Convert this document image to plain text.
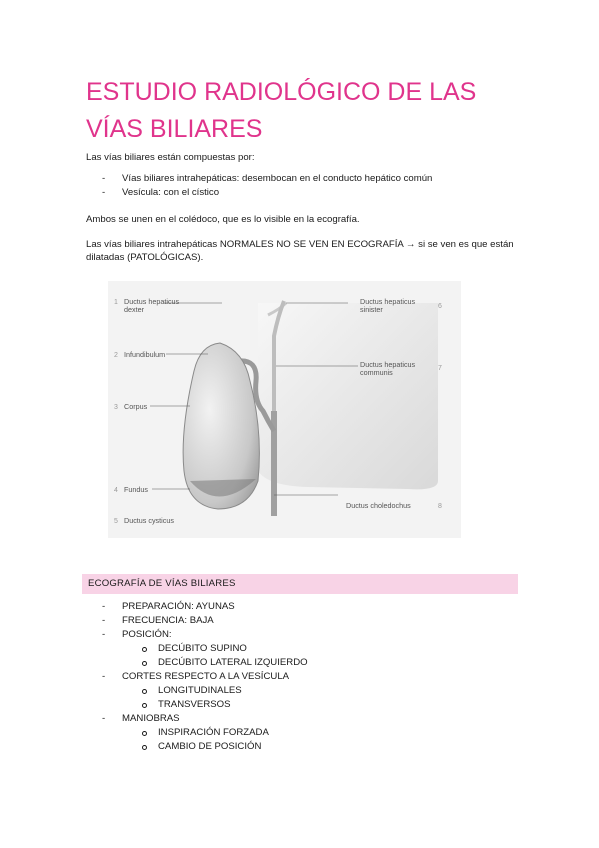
ESTUDIO RADIOLÓGICO DE LAS VÍAS BILIARES

Las vías biliares están compuestas por:

- Vías biliares intrahepáticas: desembocan en el conducto hepático común
- Vesícula: con el cístico

Ambos se unen en el colédoco, que es lo visible en la ecografía.

Las vías biliares intrahepáticas NORMALES NO SE VEN EN ECOGRAFÍA → si se ven es que están dilatadas (PATOLÓGICAS).

1 Ductus hepaticus
dexter
2 Infundibulum
3 Corpus
4 Fundus
5 Ductus cysticus
Ductus hepaticus
sinister	6
Ductus hepaticus
communis	7
Ductus choledochus	8
ECOGRAFÍA DE VÍAS BILIARES
- PREPARACIÓN: AYUNAS
- FRECUENCIA: BAJA
- POSICIÓN:
DECÚBITO SUPINO
DECÚBITO LATERAL IZQUIERDO
- CORTES RESPECTO A LA VESÍCULA
LONGITUDINALES
TRANSVERSOS
- MANIOBRAS
INSPIRACIÓN FORZADA
CAMBIO DE POSICIÓN
